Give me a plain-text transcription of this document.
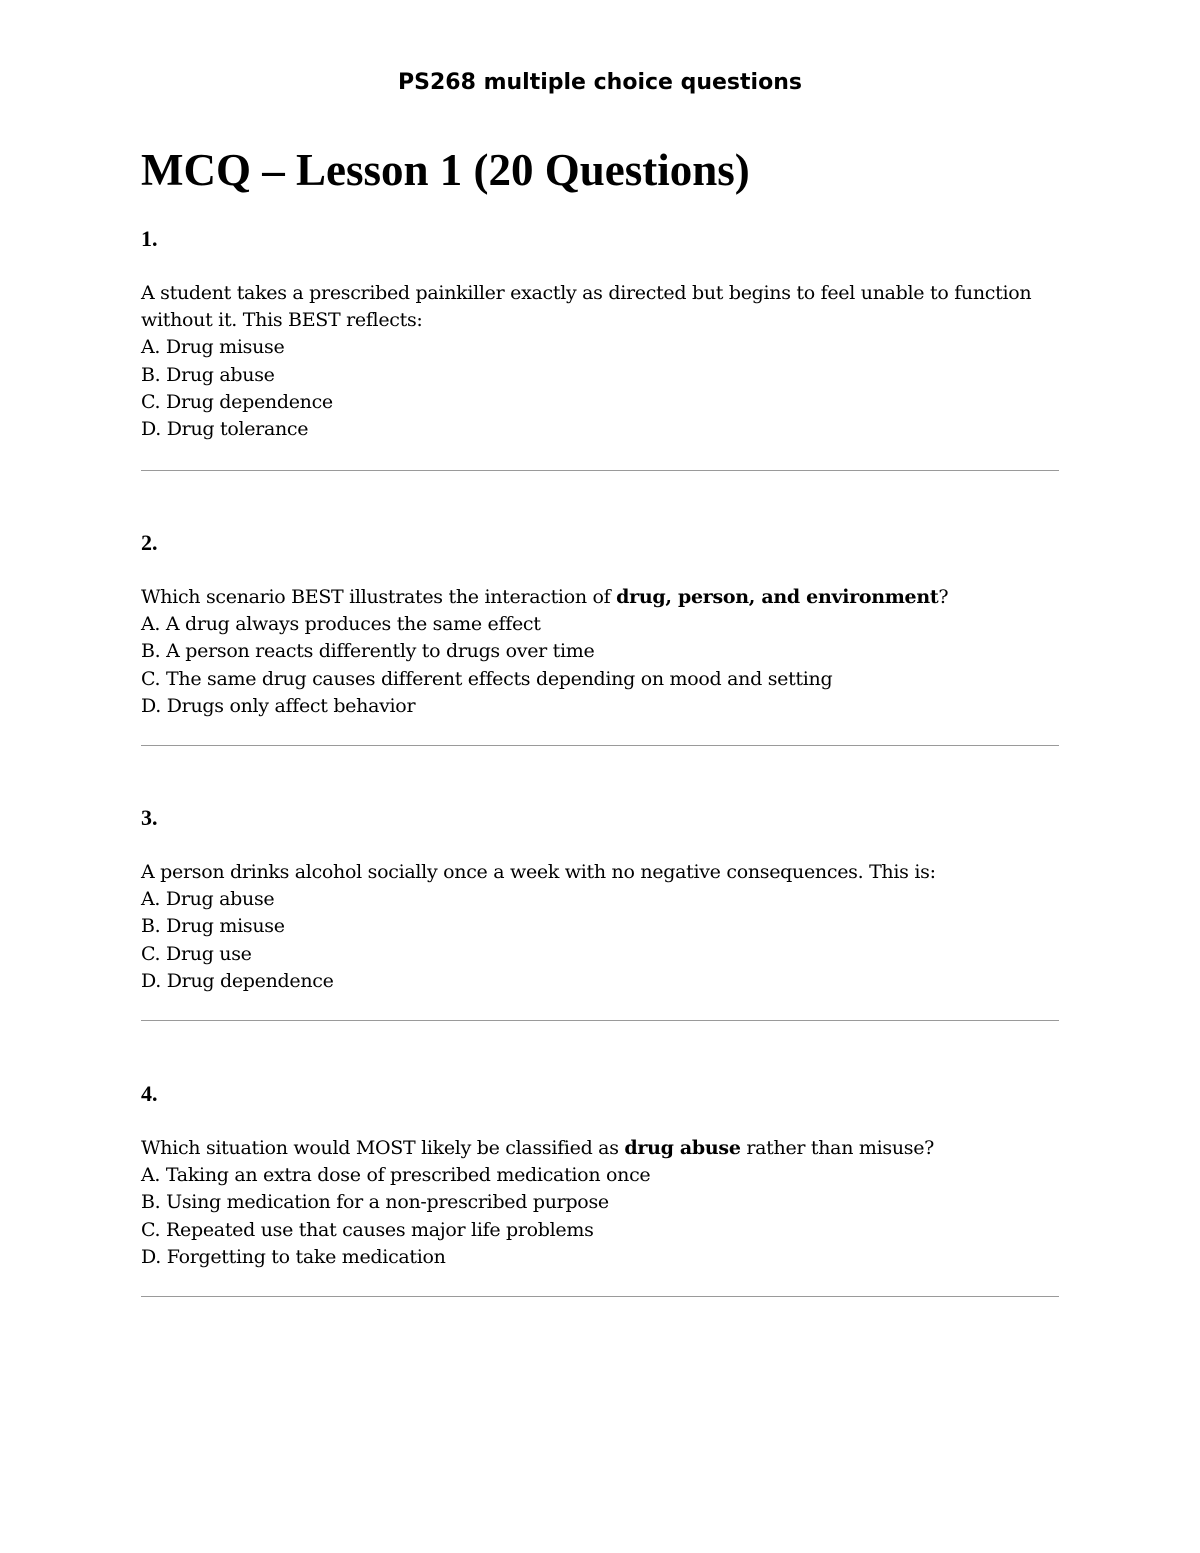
PS268 multiple choice questions
MCQ – Lesson 1 (20 Questions)
1.

A student takes a prescribed painkiller exactly as directed but begins to feel unable to function without it. This BEST reflects:

A. Drug misuse

B. Drug abuse

C. Drug dependence

D. Drug tolerance

2.

Which scenario BEST illustrates the interaction of drug, person, and environment?

A. A drug always produces the same effect

B. A person reacts differently to drugs over time

C. The same drug causes different effects depending on mood and setting

D. Drugs only affect behavior

3.

A person drinks alcohol socially once a week with no negative consequences. This is:

A. Drug abuse

B. Drug misuse

C. Drug use

D. Drug dependence

4.

Which situation would MOST likely be classified as drug abuse rather than misuse?

A. Taking an extra dose of prescribed medication once

B. Using medication for a non-prescribed purpose

C. Repeated use that causes major life problems

D. Forgetting to take medication
